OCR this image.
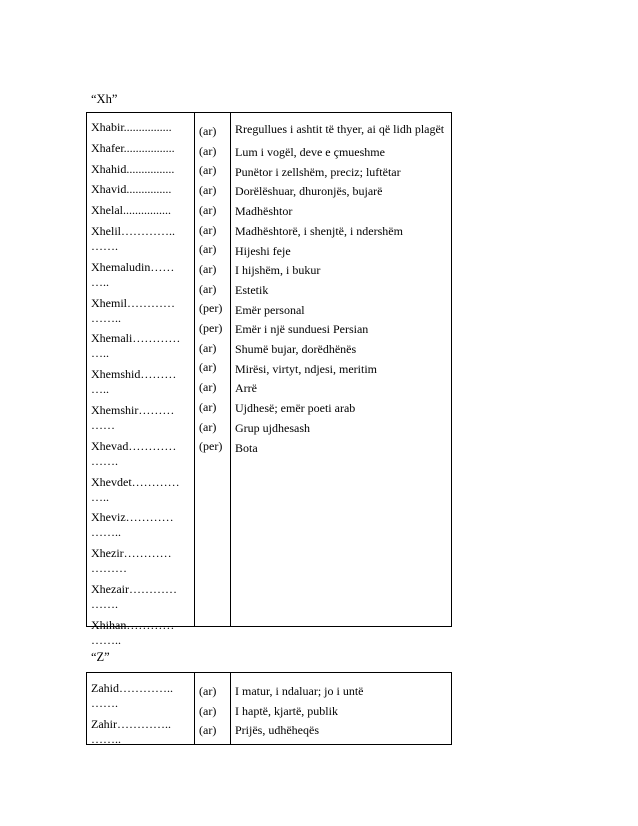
“Xh”
Xhabir................
Xhafer.................
Xhahid................
Xhavid...............
Xhelal................
Xhelil…………..
…….
Xhemaludin……
…..
Xhemil…………
……..
Xhemali…………
…..
Xhemshid………
…..
Xhemshir………
……
Xhevad…………
…….
Xhevdet…………
…..
Xheviz…………
……..
Xhezir…………
………
Xhezair…………
…….
Xhihan…………
……..
(ar)
(ar)
(ar)
(ar)
(ar)
(ar)
(ar)
(ar)
(ar)
(per)
(per)
(ar)
(ar)
(ar)
(ar)
(ar)
(per)
Rregullues i ashtit të thyer, ai që lidh plagët
Lum i vogël, deve e çmueshme
Punëtor i zellshëm, preciz; luftëtar
Dorëlëshuar, dhuronjës, bujarë
Madhështor
Madhështorë, i shenjtë, i ndershëm
Hijeshi feje
I hijshëm, i bukur
Estetik
Emër personal
Emër i një sunduesi Persian
Shumë bujar, dorëdhënës
Mirësi, virtyt, ndjesi, meritim
Arrë
Ujdhesë; emër poeti arab
Grup ujdhesash
Bota
“Z”
Zahid…………..
…….
Zahir…………..
……..
(ar)
(ar)
(ar)
I matur, i ndaluar; jo i untë
I haptë, kjartë, publik
Prijës, udhëheqës
